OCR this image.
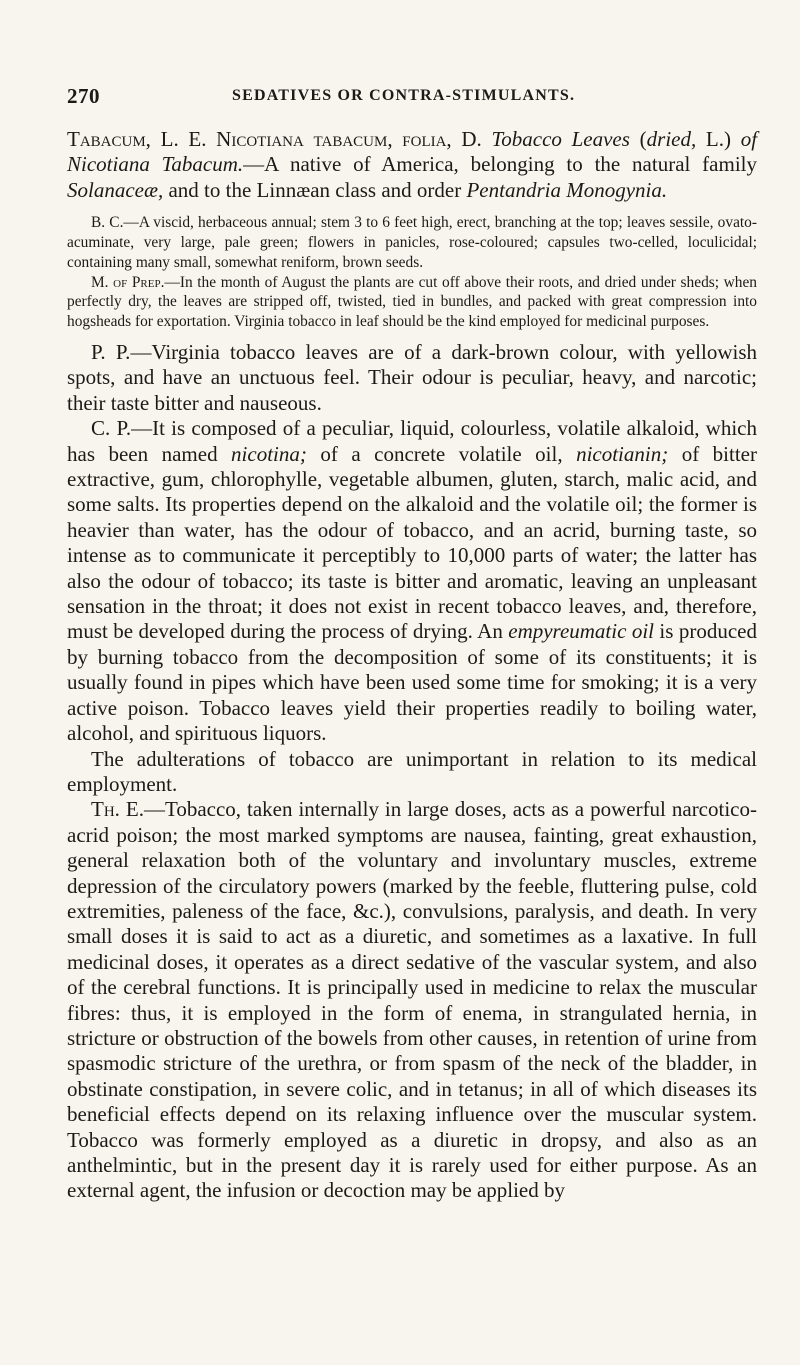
270	SEDATIVES OR CONTRA-STIMULANTS.

Tabacum, L. E. Nicotiana tabacum, folia, D. Tobacco Leaves (dried, L.) of Nicotiana Tabacum.—A native of America, belonging to the natural family Solanaceæ, and to the Linnæan class and order Pentandria Monogynia.

B. C.—A viscid, herbaceous annual; stem 3 to 6 feet high, erect, branching at the top; leaves sessile, ovato-acuminate, very large, pale green; flowers in panicles, rose-coloured; capsules two-celled, loculicidal; containing many small, somewhat reniform, brown seeds.

M. of Prep.—In the month of August the plants are cut off above their roots, and dried under sheds; when perfectly dry, the leaves are stripped off, twisted, tied in bundles, and packed with great compression into hogsheads for exportation. Virginia tobacco in leaf should be the kind employed for medicinal purposes.

P. P.—Virginia tobacco leaves are of a dark-brown colour, with yellowish spots, and have an unctuous feel. Their odour is peculiar, heavy, and narcotic; their taste bitter and nauseous.

C. P.—It is composed of a peculiar, liquid, colourless, volatile alkaloid, which has been named nicotina; of a concrete volatile oil, nicotianin; of bitter extractive, gum, chlorophylle, vegetable albumen, gluten, starch, malic acid, and some salts. Its properties depend on the alkaloid and the volatile oil; the former is heavier than water, has the odour of tobacco, and an acrid, burning taste, so intense as to communicate it perceptibly to 10,000 parts of water; the latter has also the odour of tobacco; its taste is bitter and aromatic, leaving an unpleasant sensation in the throat; it does not exist in recent tobacco leaves, and, therefore, must be developed during the process of drying. An empyreumatic oil is produced by burning tobacco from the decomposition of some of its constituents; it is usually found in pipes which have been used some time for smoking; it is a very active poison. Tobacco leaves yield their properties readily to boiling water, alcohol, and spirituous liquors.

The adulterations of tobacco are unimportant in relation to its medical employment.

Th. E.—Tobacco, taken internally in large doses, acts as a powerful narcotico-acrid poison; the most marked symptoms are nausea, fainting, great exhaustion, general relaxation both of the voluntary and involuntary muscles, extreme depression of the circulatory powers (marked by the feeble, fluttering pulse, cold extremities, paleness of the face, &c.), convulsions, paralysis, and death. In very small doses it is said to act as a diuretic, and sometimes as a laxative. In full medicinal doses, it operates as a direct sedative of the vascular system, and also of the cerebral functions. It is principally used in medicine to relax the muscular fibres: thus, it is employed in the form of enema, in strangulated hernia, in stricture or obstruction of the bowels from other causes, in retention of urine from spasmodic stricture of the urethra, or from spasm of the neck of the bladder, in obstinate constipation, in severe colic, and in tetanus; in all of which diseases its beneficial effects depend on its relaxing influence over the muscular system. Tobacco was formerly employed as a diuretic in dropsy, and also as an anthelmintic, but in the present day it is rarely used for either purpose. As an external agent, the infusion or decoction may be applied by
